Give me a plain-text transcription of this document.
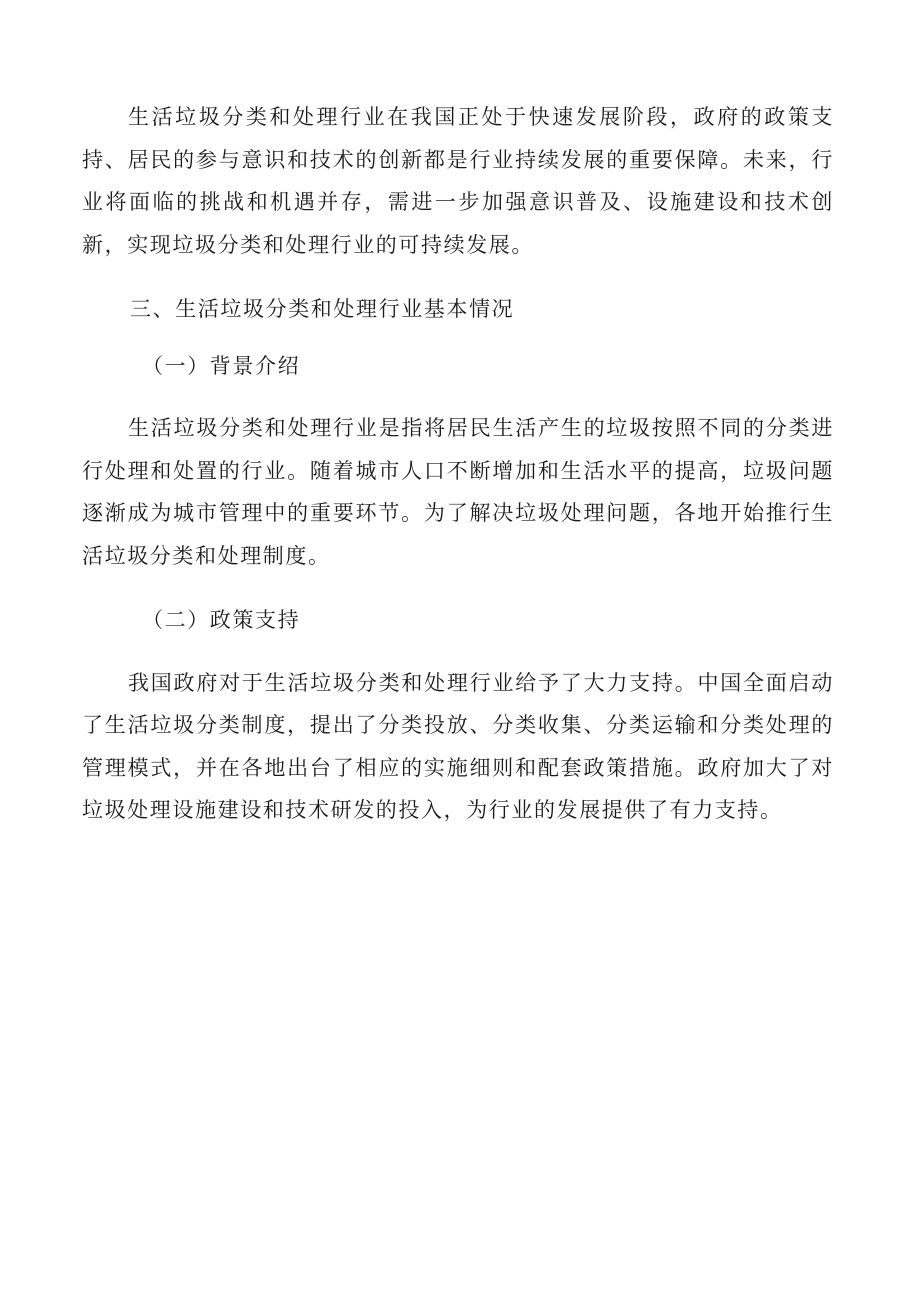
生活垃圾分类和处理行业在我国正处于快速发展阶段，政府的政策支持、居民的参与意识和技术的创新都是行业持续发展的重要保障。未来，行业将面临的挑战和机遇并存，需进一步加强意识普及、设施建设和技术创新，实现垃圾分类和处理行业的可持续发展。

三、生活垃圾分类和处理行业基本情况

（一）背景介绍

生活垃圾分类和处理行业是指将居民生活产生的垃圾按照不同的分类进行处理和处置的行业。随着城市人口不断增加和生活水平的提高，垃圾问题逐渐成为城市管理中的重要环节。为了解决垃圾处理问题，各地开始推行生活垃圾分类和处理制度。

（二）政策支持

我国政府对于生活垃圾分类和处理行业给予了大力支持。中国全面启动了生活垃圾分类制度，提出了分类投放、分类收集、分类运输和分类处理的管理模式，并在各地出台了相应的实施细则和配套政策措施。政府加大了对垃圾处理设施建设和技术研发的投入，为行业的发展提供了有力支持。
